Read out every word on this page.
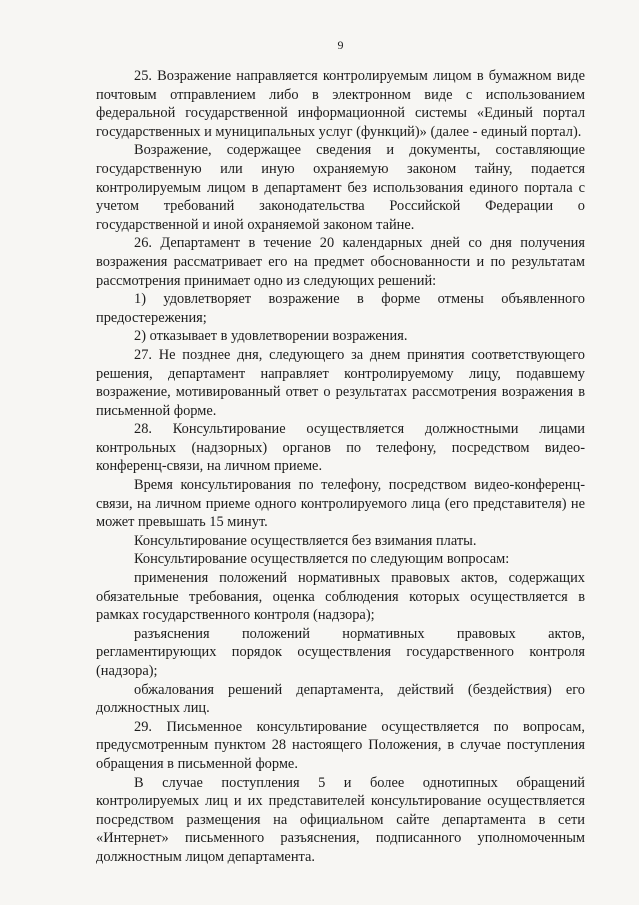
9

25. Возражение направляется контролируемым лицом в бумажном виде почтовым отправлением либо в электронном виде с использованием федеральной государственной информационной системы «Единый портал государственных и муниципальных услуг (функций)» (далее - единый портал).

Возражение, содержащее сведения и документы, составляющие государственную или иную охраняемую законом тайну, подается контролируемым лицом в департамент без использования единого портала с учетом требований законодательства Российской Федерации о государственной и иной охраняемой законом тайне.

26. Департамент в течение 20 календарных дней со дня получения возражения рассматривает его на предмет обоснованности и по результатам рассмотрения принимает одно из следующих решений:

1) удовлетворяет возражение в форме отмены объявленного предостережения;

2) отказывает в удовлетворении возражения.

27. Не позднее дня, следующего за днем принятия соответствующего решения, департамент направляет контролируемому лицу, подавшему возражение, мотивированный ответ о результатах рассмотрения возражения в письменной форме.

28. Консультирование осуществляется должностными лицами контрольных (надзорных) органов по телефону, посредством видео-конференц-связи, на личном приеме.

Время консультирования по телефону, посредством видео-конференц-связи, на личном приеме одного контролируемого лица (его представителя) не может превышать 15 минут.

Консультирование осуществляется без взимания платы.

Консультирование осуществляется по следующим вопросам:

применения положений нормативных правовых актов, содержащих обязательные требования, оценка соблюдения которых осуществляется в рамках государственного контроля (надзора);

разъяснения положений нормативных правовых актов, регламентирующих порядок осуществления государственного контроля (надзора);

обжалования решений департамента, действий (бездействия) его должностных лиц.

29. Письменное консультирование осуществляется по вопросам, предусмотренным пунктом 28 настоящего Положения, в случае поступления обращения в письменной форме.

В случае поступления 5 и более однотипных обращений контролируемых лиц и их представителей консультирование осуществляется посредством размещения на официальном сайте департамента в сети «Интернет» письменного разъяснения, подписанного уполномоченным должностным лицом департамента.
